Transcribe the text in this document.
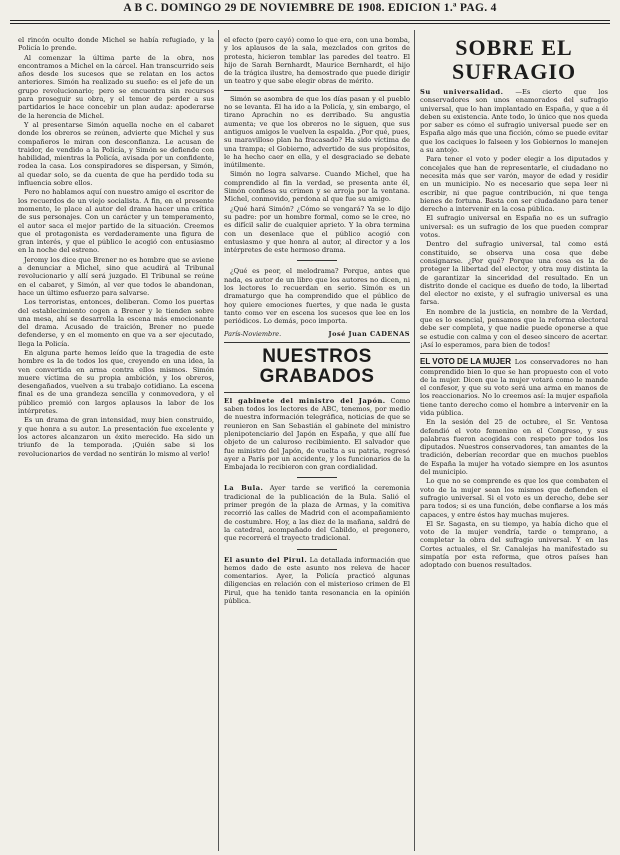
A B C. DOMINGO 29 DE NOVIEMBRE DE 1908. EDICION 1.ª PAG. 4

el rincón oculto donde Michel se había refugiado, y la Policía lo prende.

Al comenzar la última parte de la obra, nos encontramos a Michel en la cárcel. Han transcurrido seis años desde los sucesos que se relatan en los actos anteriores. Simón ha realizado su sueño: es el jefe de un grupo revolucionario; pero se encuentra sin recursos para proseguir su obra, y el temor de perder a sus partidarios le hace concebir un plan audaz: apoderarse de la herencia de Michel.

Y al presentarse Simón aquella noche en el cabaret donde los obreros se reúnen, advierte que Michel y sus compañeros le miran con desconfianza. Le acusan de traidor, de vendido a la Policía, y Simón se defiende con habilidad, mientras la Policía, avisada por un confidente, rodea la casa. Los conspiradores se dispersan, y Simón, al quedar solo, se da cuenta de que ha perdido toda su influencia sobre ellos.

Pero no hablamos aquí con nuestro amigo el escritor de los recuerdos de un viejo socialista. A fin, en el presente momento, le place al autor del drama hacer una crítica de sus personajes. Con un carácter y un temperamento, el autor saca el mejor partido de la situación. Creemos que el protagonista es verdaderamente una figura de gran interés, y que el público le acogió con entusiasmo en la noche del estreno.

Jeromy los dice que Brener no es hombre que se aviene a denunciar a Michel, sino que acudirá al Tribunal revolucionario y allí será juzgado. El Tribunal se reúne en el cabaret, y Simón, al ver que todos le abandonan, hace un último esfuerzo para salvarse.

Los terroristas, entonces, deliberan. Como los puertas del establecimiento cogen a Brener y le tienden sobre una mesa, ahí se desarrolla la escena más emocionante del drama. Acusado de traición, Brener no puede defenderse, y en el momento en que va a ser ejecutado, llega la Policía.

En alguna parte hemos leído que la tragedia de este hombre es la de todos los que, creyendo en una idea, la ven convertida en arma contra ellos mismos. Simón muere víctima de su propia ambición, y los obreros, desengañados, vuelven a su trabajo cotidiano. La escena final es de una grandeza sencilla y conmovedora, y el público premió con largos aplausos la labor de los intérpretes.

Es un drama de gran intensidad, muy bien construido, y que honra a su autor. La presentación fue excelente y los actores alcanzaron un éxito merecido. Ha sido un triunfo de la temporada. ¡Quién sabe si los revolucionarios de verdad no sentirán lo mismo al verlo!

el efecto (pero cayó) como lo que era, con una bomba, y los aplausos de la sala, mezclados con gritos de protesta, hicieron temblar las paredes del teatro. El hijo de Sarah Bernhardt, Maurice Bernhardt, el hijo de la trágica ilustre, ha demostrado que puede dirigir un teatro y que sabe elegir obras de mérito.

Simón se asombra de que los días pasan y el pueblo no se levanta. Él ha ido a la Policía, y, sin embargo, el tirano Aprachin no es derribado. Su angustia aumenta; ve que los obreros no le siguen, que sus antiguos amigos le vuelven la espalda. ¿Por qué, pues, su maravilloso plan ha fracasado? Ha sido víctima de una trampa; el Gobierno, advertido de sus propósitos, le ha hecho caer en ella, y el desgraciado se debate inútilmente.

Simón no logra salvarse. Cuando Michel, que ha comprendido al fin la verdad, se presenta ante él, Simón confiesa su crimen y se arroja por la ventana. Michel, conmovido, perdona al que fue su amigo.

¿Qué hará Simón? ¿Cómo se vengará? Ya se lo dijo su padre: por un hombre formal, como se le cree, no es difícil salir de cualquier aprieto. Y la obra termina con un desenlace que el público acogió con entusiasmo y que honra al autor, al director y a los intérpretes de este hermoso drama.

¿Qué es peor, el melodrama? Porque, antes que nada, es autor de un libro que los autores no dicen, ni los lectores lo recuerdan en serio. Simón es un dramaturgo que ha comprendido que el público de hoy quiere emociones fuertes, y que nada le gusta tanto como ver en escena los sucesos que lee en los periódicos. Lo demás, poco importa.

París-Noviembre.	José Juan CADENAS
NUESTROS GRABADOS

El gabinete del ministro del Japón. Como saben todos los lectores de ABC, tenemos, por medio de nuestra información telegráfica, noticias de que se reunieron en San Sebastián el gabinete del ministro plenipotenciario del Japón en España, y que allí fue objeto de un caluroso recibimiento. El salvador que fue ministro del Japón, de vuelta a su patria, regresó ayer a París por un accidente, y los funcionarios de la Embajada lo recibieron con gran cordialidad.

La Bula. Ayer tarde se verificó la ceremonia tradicional de la publicación de la Bula. Salió el primer pregón de la plaza de Armas, y la comitiva recorrió las calles de Madrid con el acompañamiento de costumbre. Hoy, a las diez de la mañana, saldrá de la catedral, acompañado del Cabildo, el pregonero, que recorrerá el trayecto tradicional.

El asunto del Pirul. La detallada información que hemos dado de este asunto nos releva de hacer comentarios. Ayer, la Policía practicó algunas diligencias en relación con el misterioso crimen de El Pirul, que ha tenido tanta resonancia en la opinión pública.

SOBRE EL SUFRAGIO

Su universalidad. —Es cierto que los conservadores son unos enamorados del sufragio universal, que lo han implantado en España, y que a él deben su existencia. Ante todo, lo único que nos queda por saber es cómo el sufragio universal puede ser en España algo más que una ficción, cómo se puede evitar que los caciques lo falseen y los Gobiernos lo manejen a su antojo.

Para tener el voto y poder elegir a los diputados y concejales que han de representarle, el ciudadano no necesita más que ser varón, mayor de edad y residir en un municipio. No es necesario que sepa leer ni escribir, ni que pague contribución, ni que tenga bienes de fortuna. Basta con ser ciudadano para tener derecho a intervenir en la cosa pública.

El sufragio universal en España no es un sufragio universal: es un sufragio de los que pueden comprar votos.

Dentro del sufragio universal, tal como está constituido, se observa una cosa que debe consignarse. ¿Por qué? Porque una cosa es la de proteger la libertad del elector, y otra muy distinta la de garantizar la sinceridad del resultado. En un distrito donde el cacique es dueño de todo, la libertad del elector no existe, y el sufragio universal es una farsa.

En nombre de la justicia, en nombre de la Verdad, que es lo esencial, pensamos que la reforma electoral debe ser completa, y que nadie puede oponerse a que se estudie con calma y con el deseo sincero de acertar. ¡Así lo esperamos, para bien de todos!

EL VOTO DE LA MUJER Los conservadores no han comprendido bien lo que se han propuesto con el voto de la mujer. Dicen que la mujer votará como le mande el confesor, y que su voto será una arma en manos de los reaccionarios. No lo creemos así: la mujer española tiene tanto derecho como el hombre a intervenir en la vida pública.

En la sesión del 25 de octubre, el Sr. Ventosa defendió el voto femenino en el Congreso, y sus palabras fueron acogidas con respeto por todos los diputados. Nuestros conservadores, tan amantes de la tradición, deberían recordar que en muchos pueblos de España la mujer ha votado siempre en los asuntos del municipio.

Lo que no se comprende es que los que combaten el voto de la mujer sean los mismos que defienden el sufragio universal. Si el voto es un derecho, debe ser para todos; si es una función, debe confiarse a los más capaces, y entre éstos hay muchas mujeres.

El Sr. Sagasta, en su tiempo, ya había dicho que el voto de la mujer vendría, tarde o temprano, a completar la obra del sufragio universal. Y en las Cortes actuales, el Sr. Canalejas ha manifestado su simpatía por esta reforma, que otros países han adoptado con buenos resultados.
